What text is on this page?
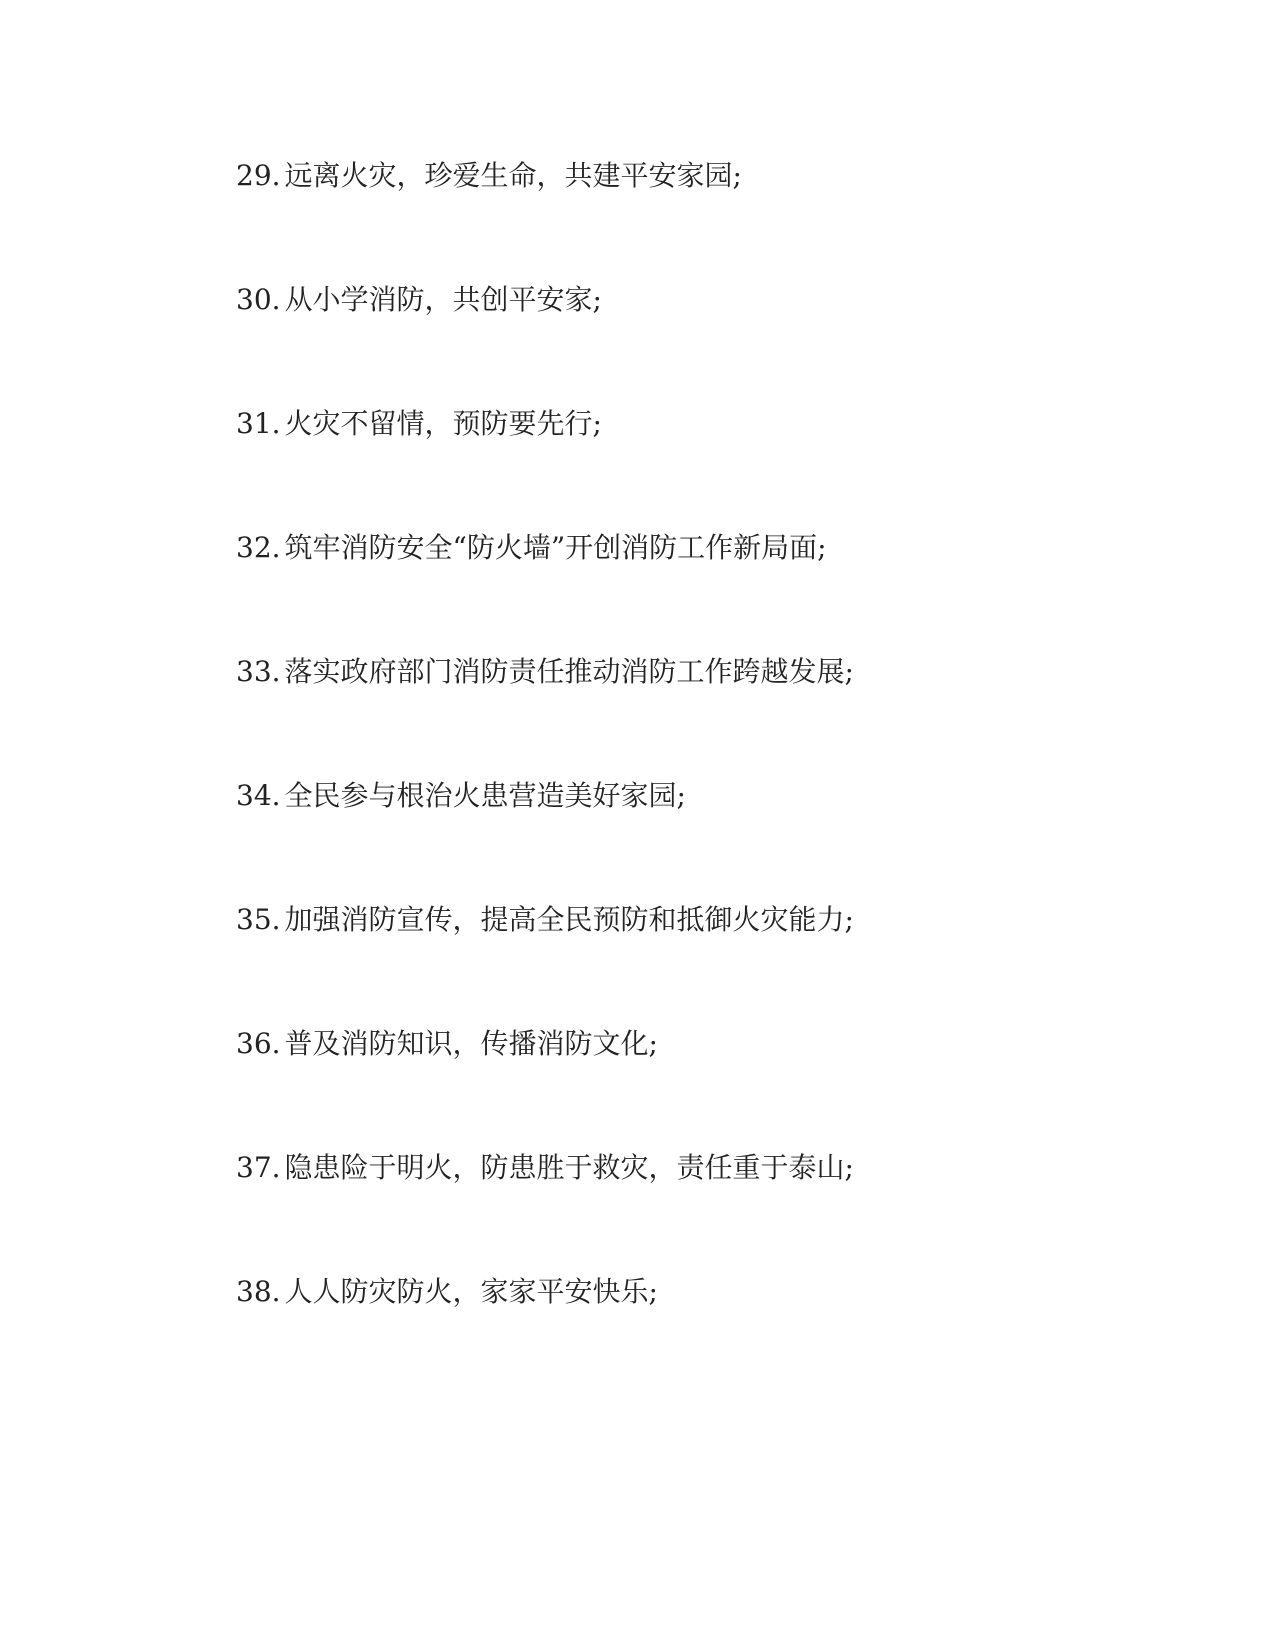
29. 远离火灾，珍爱生命，共建平安家园;
30. 从小学消防，共创平安家;
31. 火灾不留情，预防要先行;
32. 筑牢消防安全“防火墙”开创消防工作新局面;
33. 落实政府部门消防责任推动消防工作跨越发展;
34. 全民参与根治火患营造美好家园;
35. 加强消防宣传，提高全民预防和抵御火灾能力;
36. 普及消防知识，传播消防文化;
37. 隐患险于明火，防患胜于救灾，责任重于泰山;
38. 人人防灾防火，家家平安快乐;
